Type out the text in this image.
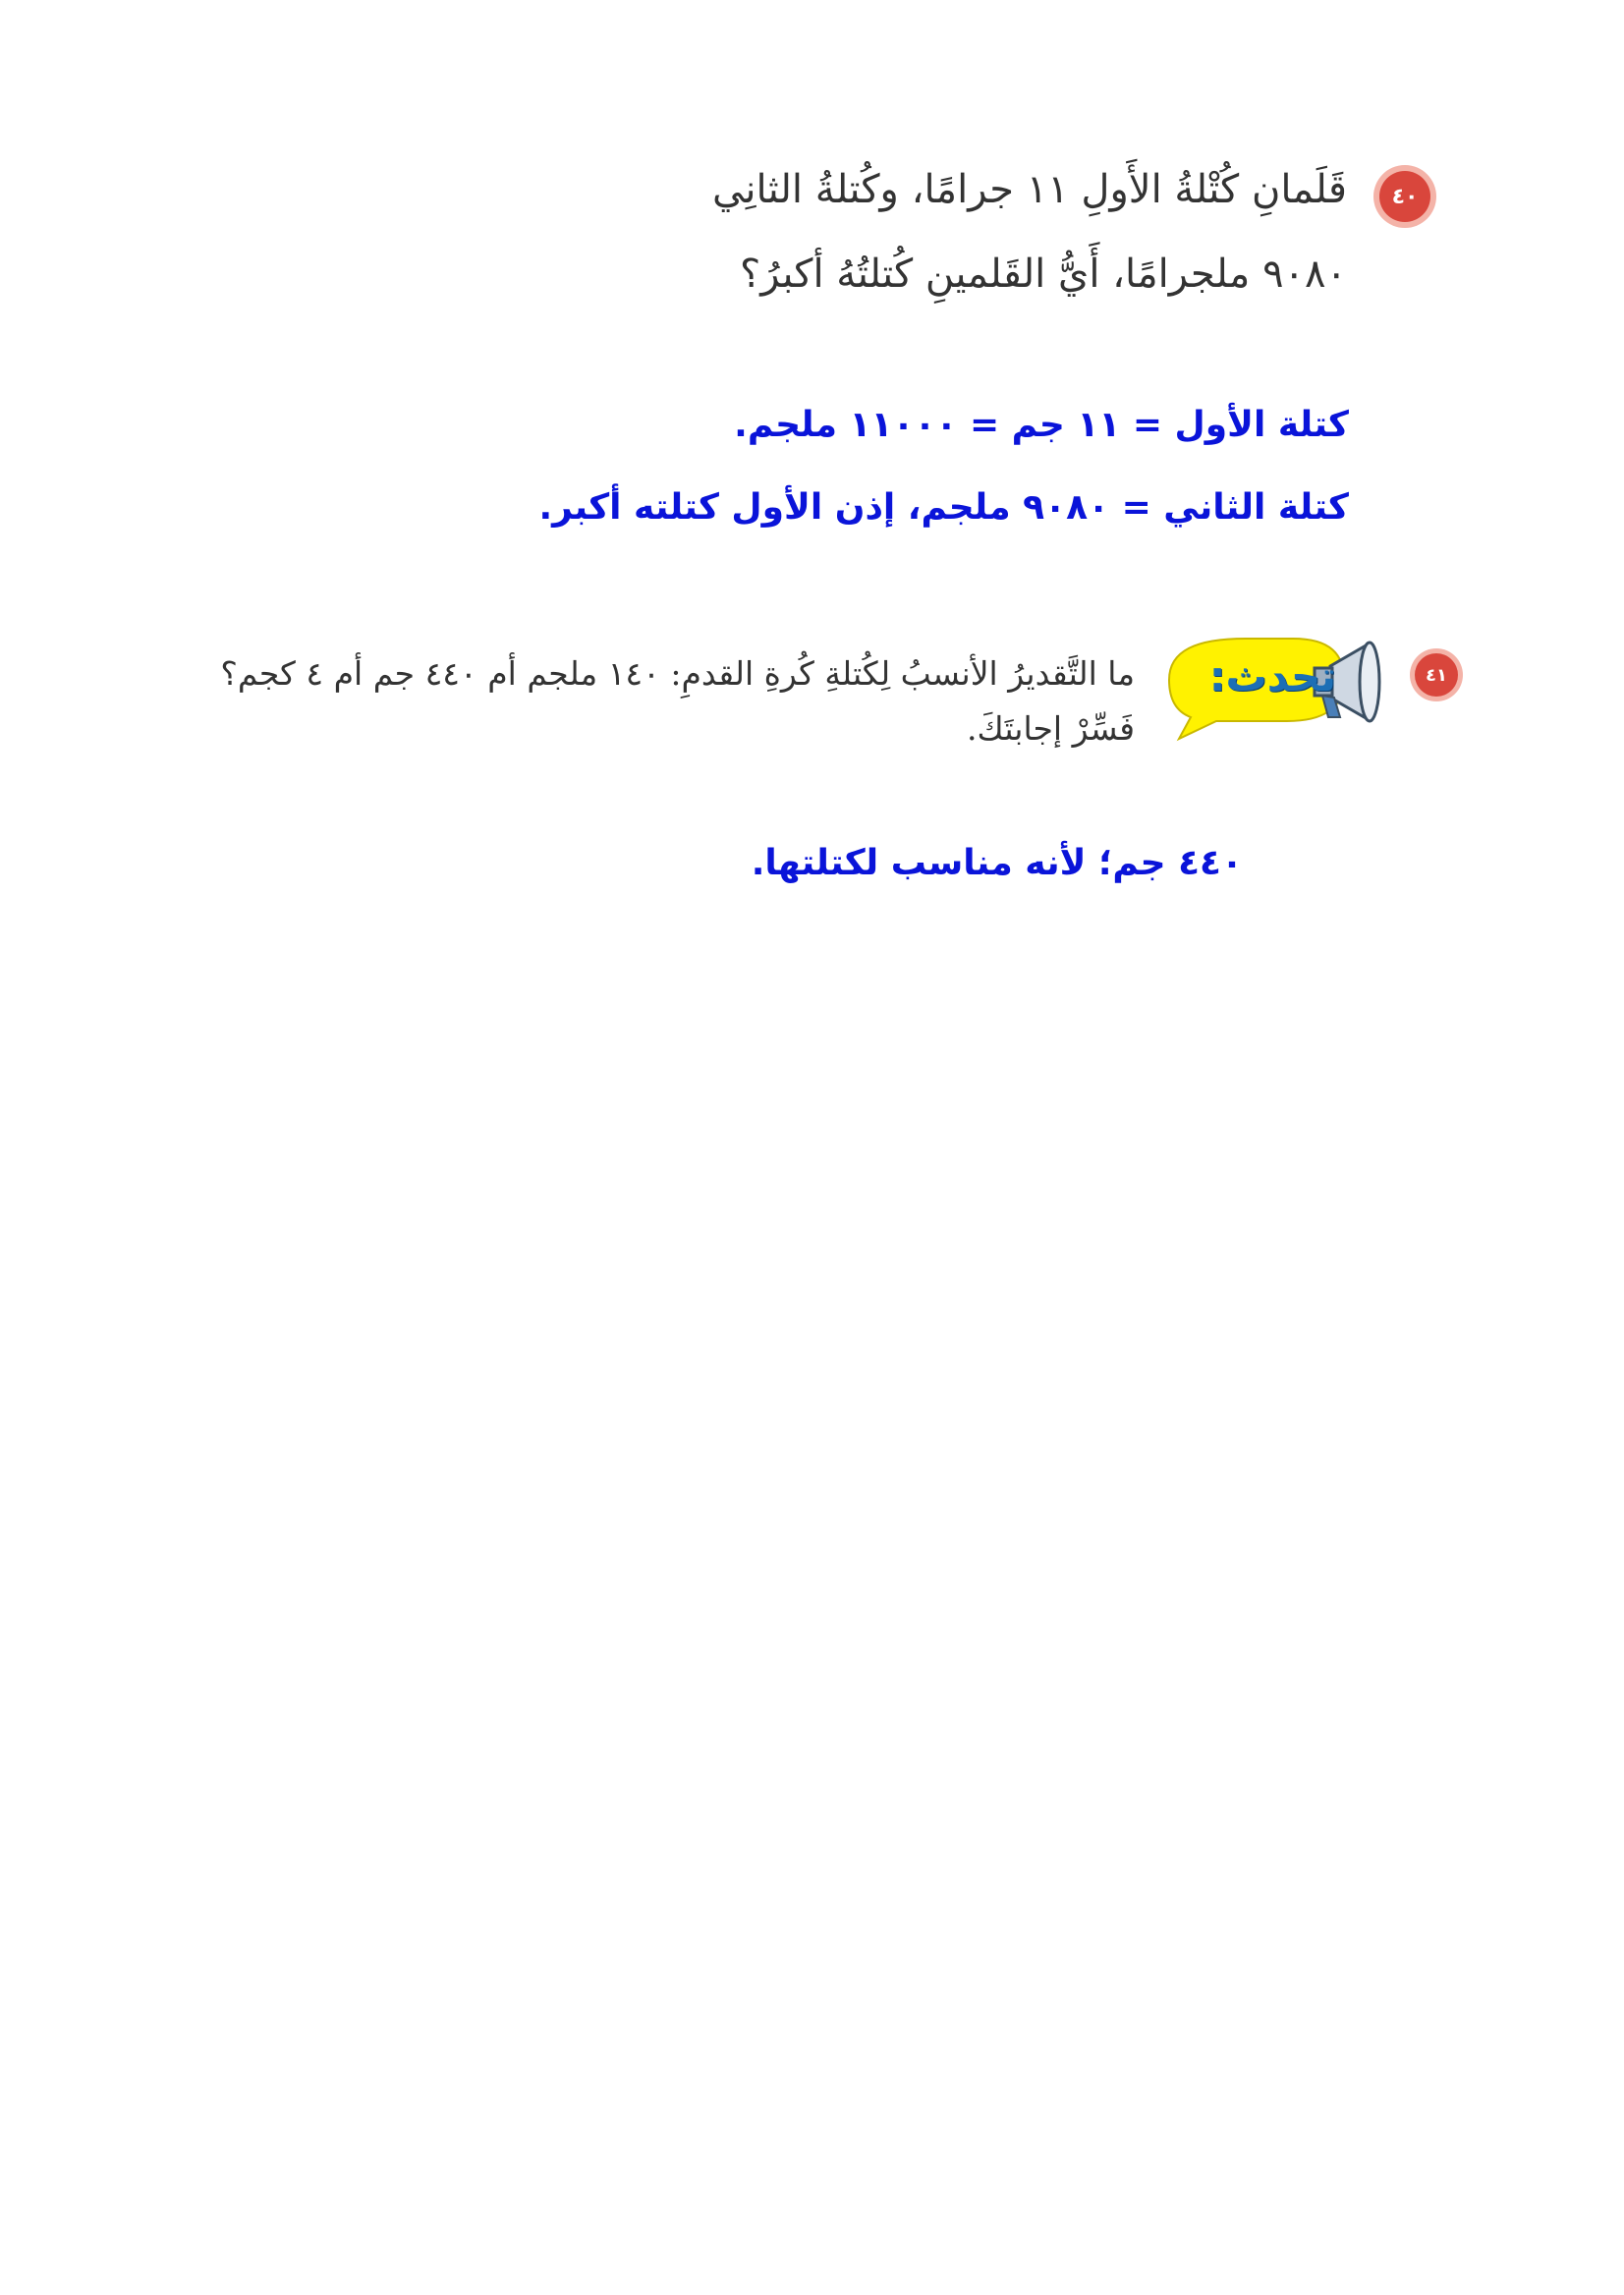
٤٠

قَلَمانِ كُتْلةُ الأَولِ ١١ جرامًا، وكُتلةُ الثانِي

٩٠٨٠ ملجرامًا، أَيُّ القَلمينِ كُتلتُهُ أكبرُ؟

كتلة الأول = ١١ جم = ١١٠٠٠ ملجم.

كتلة الثاني = ٩٠٨٠ ملجم، إذن الأول كتلته أكبر.

٤١

تحدث:

ما التَّقديرُ الأنسبُ لِكُتلةِ كُرةِ القدمِ: ١٤٠ ملجم أم ٤٤٠ جم أم ٤ كجم؟

فَسِّرْ إجابتَكَ.

٤٤٠ جم؛ لأنه مناسب لكتلتها.
